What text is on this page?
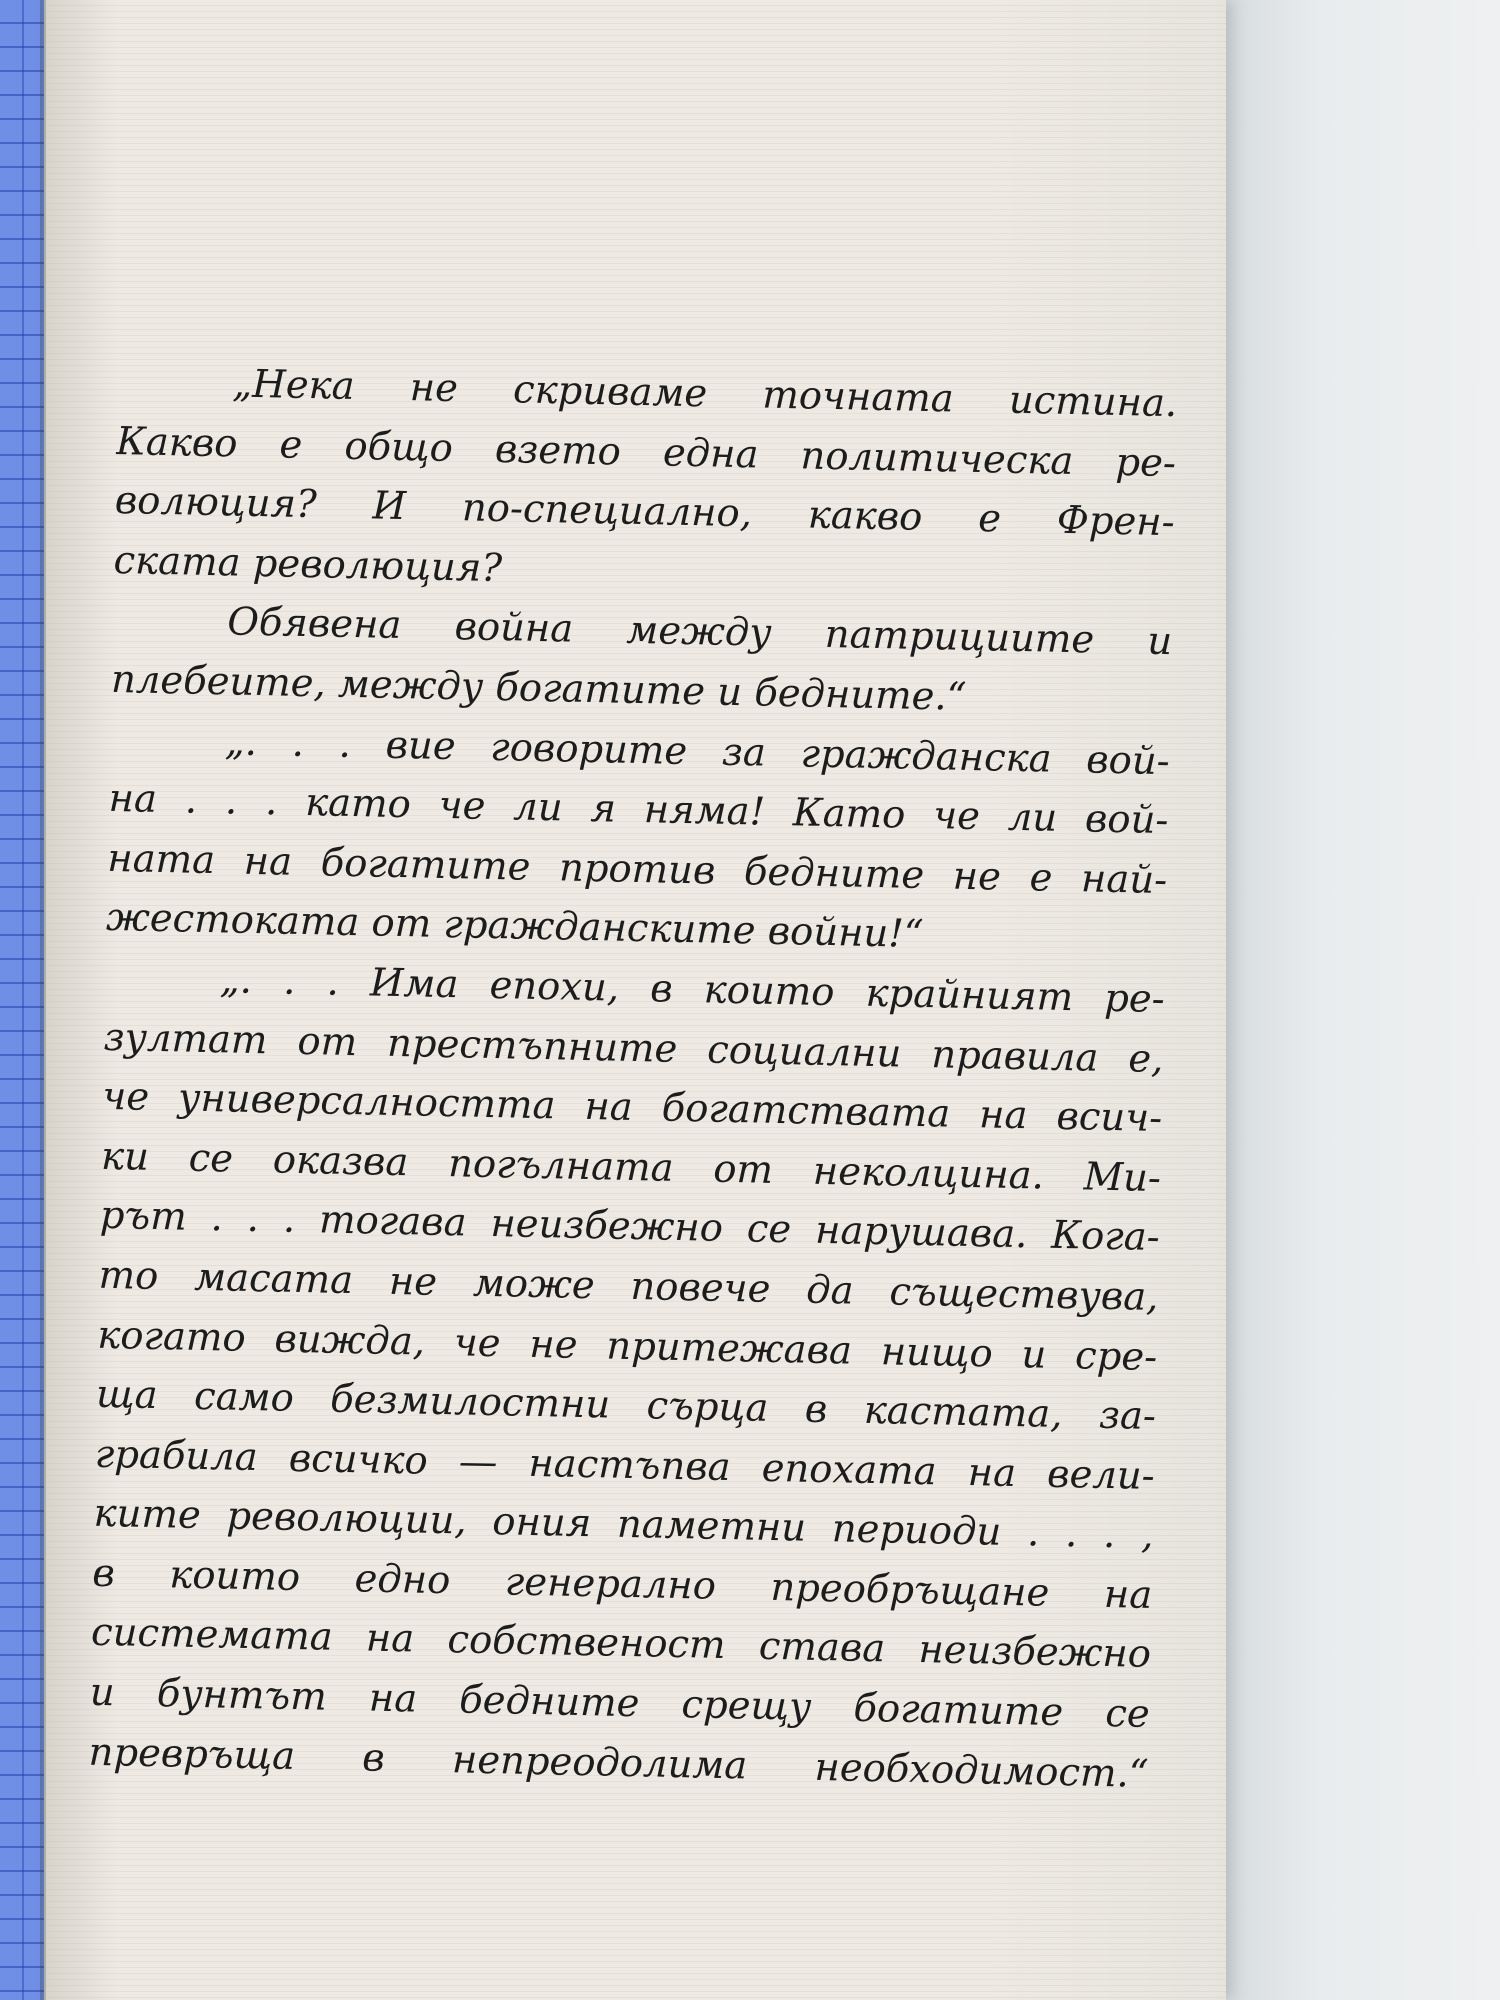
„Нека не скриваме точната истина.
Какво е общо взето една политическа ре-
волюция? И по-специално, какво е Френ-
ската революция?
Обявена война между патрициите и
плебеите, между богатите и бедните.“
„. . . вие говорите за гражданска вой-
на . . . като че ли я няма! Като че ли вой-
ната на богатите против бедните не е най-
жестоката от гражданските войни!“
„. . . Има епохи, в които крайният ре-
зултат от престъпните социални правила е,
че универсалността на богатствата на всич-
ки се оказва погълната от неколцина. Ми-
рът . . . тогава неизбежно се нарушава. Кога-
то масата не може повече да съществува,
когато вижда, че не притежава нищо и сре-
ща само безмилостни сърца в кастата, за-
грабила всичко — настъпва епохата на вели-
ките революции, ония паметни периоди . . . ,
в които едно генерално преобръщане на
системата на собственост става неизбежно
и бунтът на бедните срещу богатите се
превръща в непреодолима необходимост.“
